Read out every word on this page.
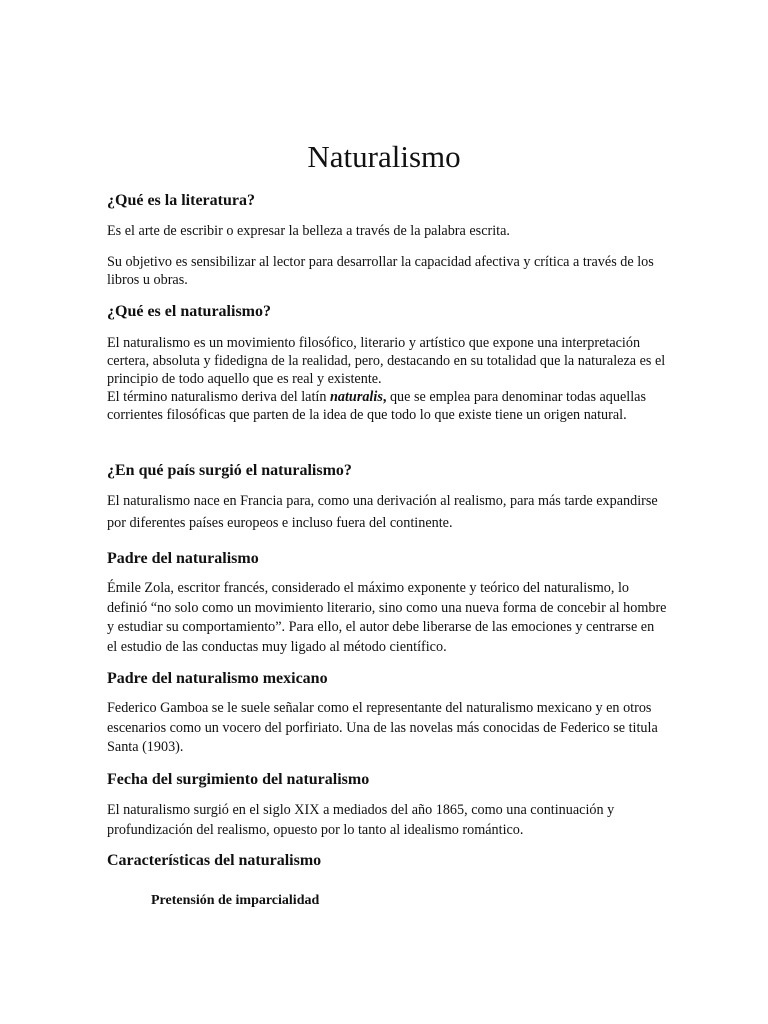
Naturalismo
¿Qué es la literatura?

Es el arte de escribir o expresar la belleza a través de la palabra escrita.

Su objetivo es sensibilizar al lector para desarrollar la capacidad afectiva y crítica a través de los libros u obras.

¿Qué es el naturalismo?

El naturalismo es un movimiento filosófico, literario y artístico que expone una interpretación certera, absoluta y fidedigna de la realidad, pero, destacando en su totalidad que la naturaleza es el principio de todo aquello que es real y existente.
El término naturalismo deriva del latín naturalis, que se emplea para denominar todas aquellas corrientes filosóficas que parten de la idea de que todo lo que existe tiene un origen natural.

¿En qué país surgió el naturalismo?

El naturalismo nace en Francia para, como una derivación al realismo, para más tarde expandirse por diferentes países europeos e incluso fuera del continente.

Padre del naturalismo

Émile Zola, escritor francés, considerado el máximo exponente y teórico del naturalismo, lo definió “no solo como un movimiento literario, sino como una nueva forma de concebir al hombre y estudiar su comportamiento”. Para ello, el autor debe liberarse de las emociones y centrarse en el estudio de las conductas muy ligado al método científico.

Padre del naturalismo mexicano

Federico Gamboa se le suele señalar como el representante del naturalismo mexicano y en otros escenarios como un vocero del porfiriato. Una de las novelas más conocidas de Federico se titula Santa (1903).

Fecha del surgimiento del naturalismo

El naturalismo surgió en el siglo XIX a mediados del año 1865, como una continuación y profundización del realismo, opuesto por lo tanto al idealismo romántico.

Características del naturalismo
Pretensión de imparcialidad
